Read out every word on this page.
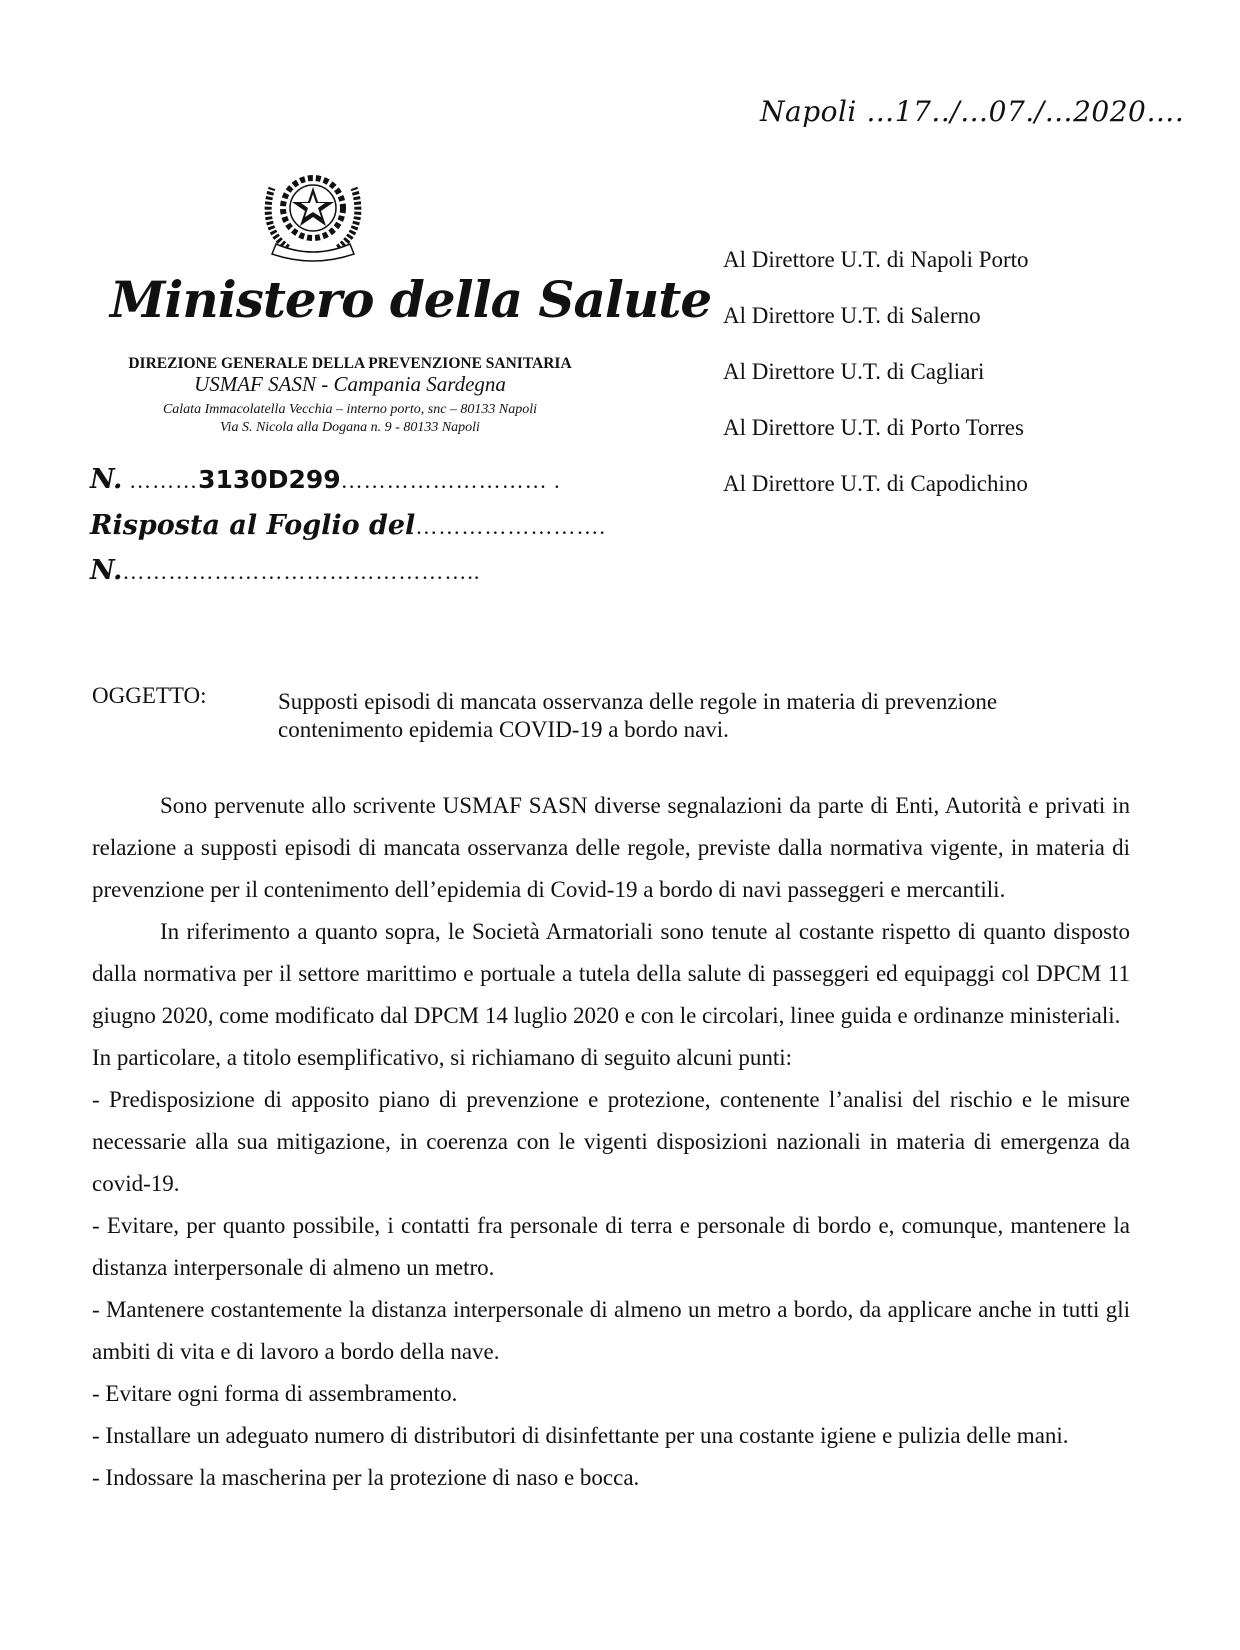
Napoli …17../…07./…2020….
Ministero della Salute
DIREZIONE GENERALE DELLA PREVENZIONE SANITARIA
USMAF SASN - Campania Sardegna
Calata Immacolatella Vecchia – interno porto, snc – 80133 Napoli
Via S. Nicola alla Dogana n. 9 - 80133 Napoli
N. ………3130D299……………………… .
Risposta al Foglio del…………………….
N.………………………………………..
Al Direttore U.T. di Napoli Porto
Al Direttore U.T. di Salerno
Al Direttore U.T. di Cagliari
Al Direttore U.T. di Porto Torres
Al Direttore U.T. di Capodichino
OGGETTO:	Supposti episodi di mancata osservanza delle regole in materia di prevenzione contenimento epidemia COVID-19 a bordo navi.

Sono pervenute allo scrivente USMAF SASN diverse segnalazioni da parte di Enti, Autorità e privati in relazione a supposti episodi di mancata osservanza delle regole, previste dalla normativa vigente, in materia di prevenzione per il contenimento dell’epidemia di Covid-19 a bordo di navi passeggeri e mercantili.

In riferimento a quanto sopra, le Società Armatoriali sono tenute al costante rispetto di quanto disposto dalla normativa per il settore marittimo e portuale a tutela della salute di passeggeri ed equipaggi col DPCM 11 giugno 2020, come modificato dal DPCM 14 luglio 2020 e con le circolari, linee guida e ordinanze ministeriali.

In particolare, a titolo esemplificativo, si richiamano di seguito alcuni punti:

- Predisposizione di apposito piano di prevenzione e protezione, contenente l’analisi del rischio e le misure necessarie alla sua mitigazione, in coerenza con le vigenti disposizioni nazionali in materia di emergenza da covid-19.

- Evitare, per quanto possibile, i contatti fra personale di terra e personale di bordo e, comunque, mantenere la distanza interpersonale di almeno un metro.

- Mantenere costantemente la distanza interpersonale di almeno un metro a bordo, da applicare anche in tutti gli ambiti di vita e di lavoro a bordo della nave.

- Evitare ogni forma di assembramento.

- Installare un adeguato numero di distributori di disinfettante per una costante igiene e pulizia delle mani.

- Indossare la mascherina per la protezione di naso e bocca.
